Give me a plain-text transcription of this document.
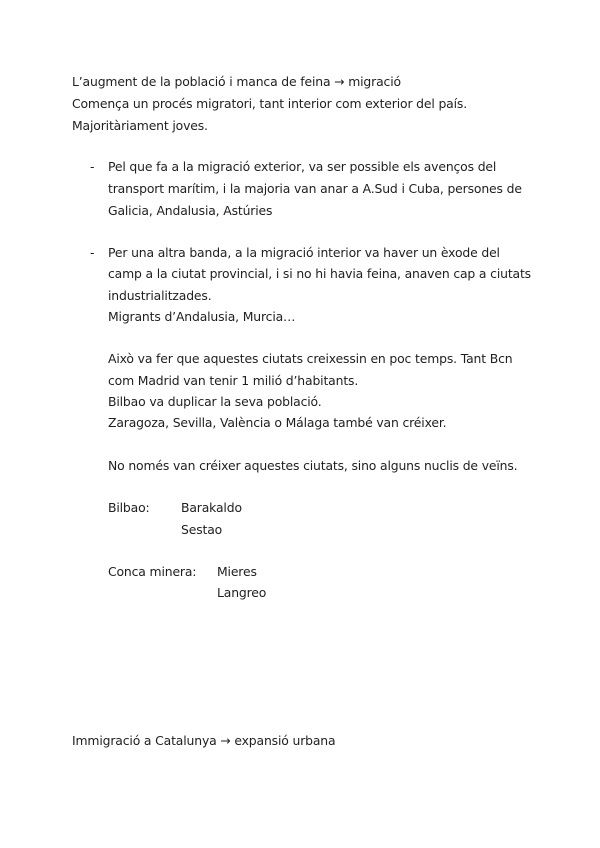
L’augment de la població i manca de feina → migració
Comença un procés migratori, tant interior com exterior del país.
Majoritàriament joves.
- Pel que fa a la migració exterior, va ser possible els avenços del
transport marítim, i la majoria van anar a A.Sud i Cuba, persones de
Galicia, Andalusia, Astúries
- Per una altra banda, a la migració interior va haver un èxode del
camp a la ciutat provincial, i si no hi havia feina, anaven cap a ciutats
industrialitzades.
Migrants d’Andalusia, Murcia…
Això va fer que aquestes ciutats creixessin en poc temps. Tant Bcn
com Madrid van tenir 1 milió d’habitants.
Bilbao va duplicar la seva població.
Zaragoza, Sevilla, València o Málaga també van créixer.
No només van créixer aquestes ciutats, sino alguns nuclis de veïns.
Bilbao:	Barakaldo
Sestao
Conca minera: Mieres
Langreo
Immigració a Catalunya → expansió urbana
